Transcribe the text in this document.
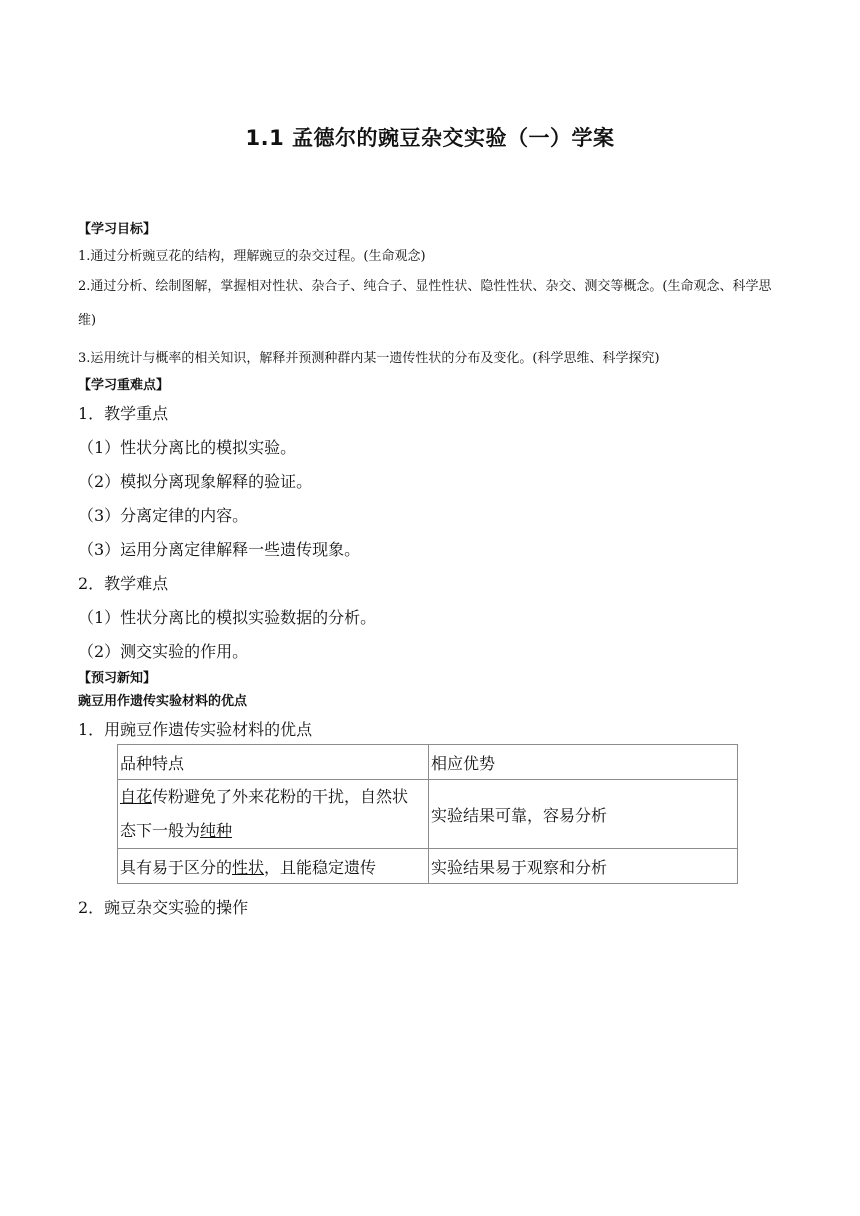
1.1 孟德尔的豌豆杂交实验（一）学案
【学习目标】
1.通过分析豌豆花的结构，理解豌豆的杂交过程。(生命观念)
2.通过分析、绘制图解，掌握相对性状、杂合子、纯合子、显性性状、隐性性状、杂交、测交等概念。(生命观念、科学思维)
3.运用统计与概率的相关知识，解释并预测种群内某一遗传性状的分布及变化。(科学思维、科学探究)
【学习重难点】
1．教学重点
（1）性状分离比的模拟实验。
（2）模拟分离现象解释的验证。
（3）分离定律的内容。
（3）运用分离定律解释一些遗传现象。
2．教学难点
（1）性状分离比的模拟实验数据的分析。
（2）测交实验的作用。
【预习新知】
豌豆用作遗传实验材料的优点
1．用豌豆作遗传实验材料的优点
品种特点	相应优势

自花传粉避免了外来花粉的干扰，自然状
态下一般为纯种	实验结果可靠，容易分析
具有易于区分的性状，且能稳定遗传	实验结果易于观察和分析
2．豌豆杂交实验的操作
